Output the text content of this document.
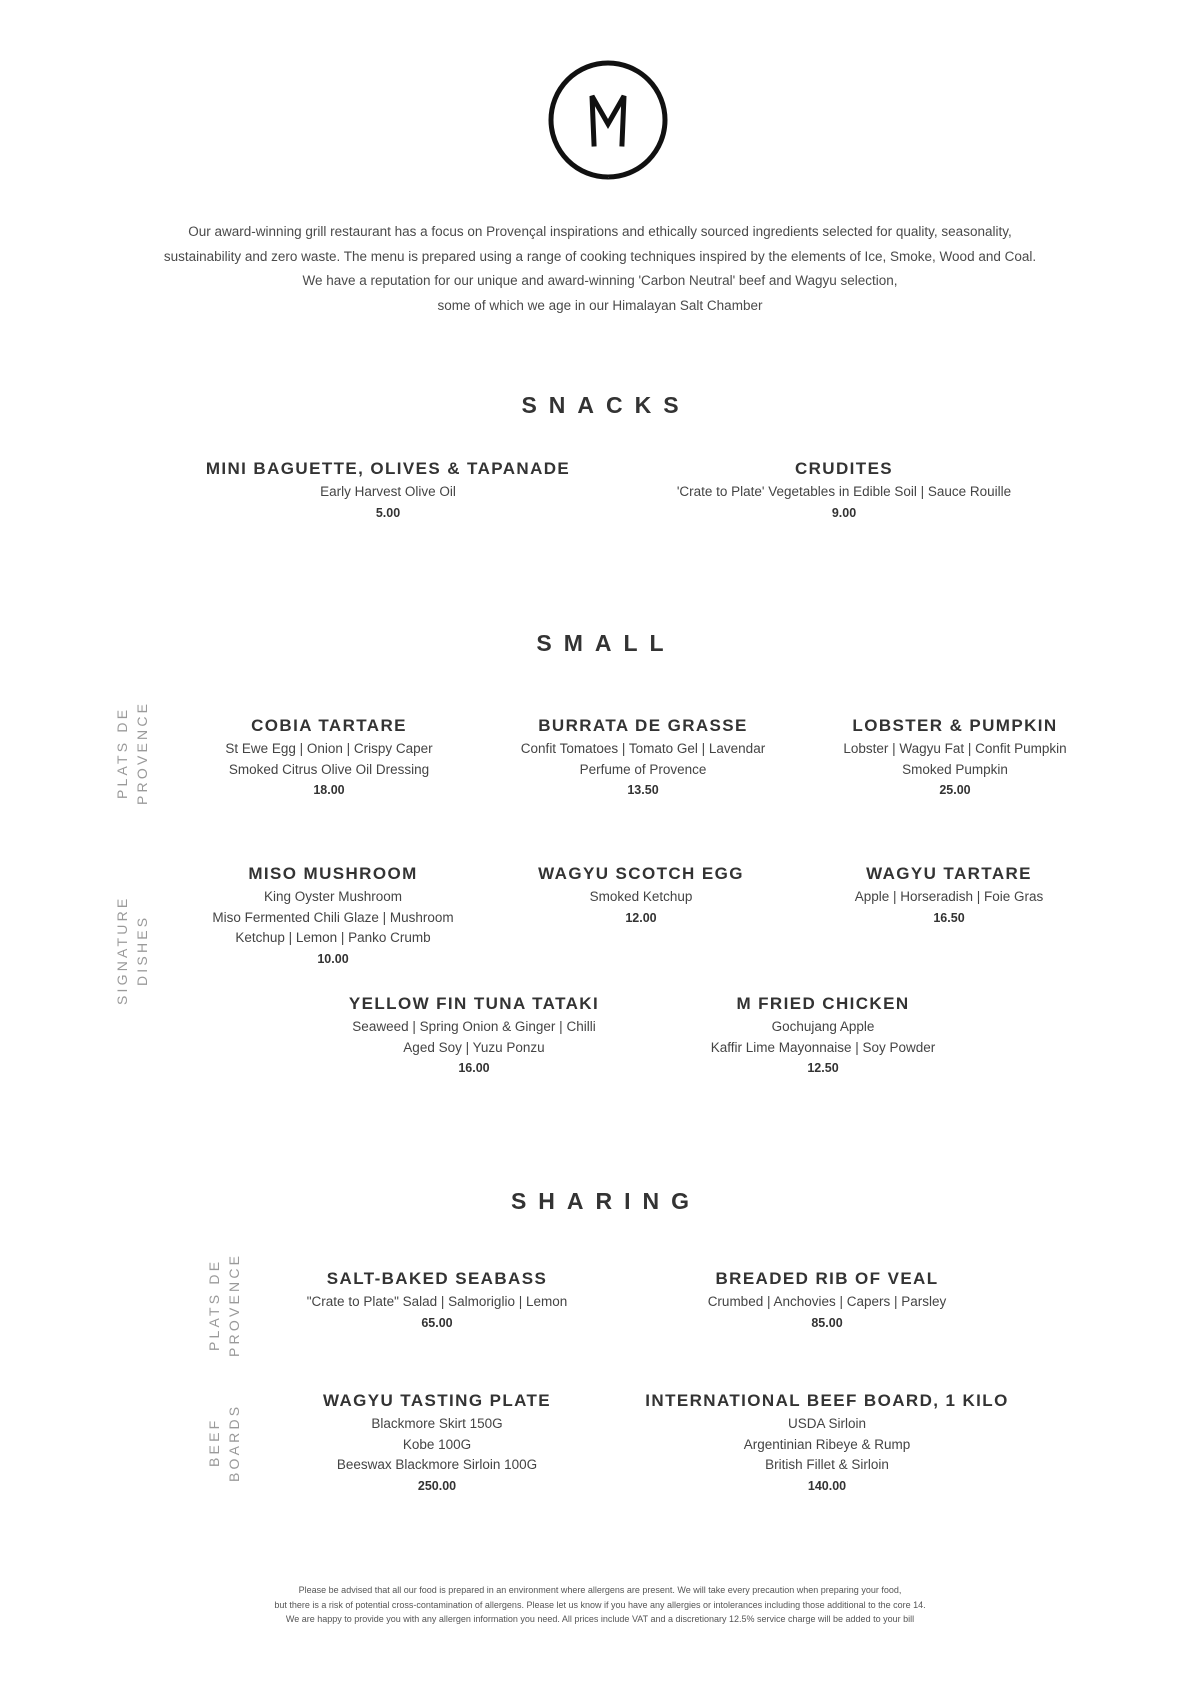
M

Our award-winning grill restaurant has a focus on Provençal inspirations and ethically sourced ingredients selected for quality, seasonality,

sustainability and zero waste. The menu is prepared using a range of cooking techniques inspired by the elements of Ice, Smoke, Wood and Coal.

We have a reputation for our unique and award-winning 'Carbon Neutral' beef and Wagyu selection,

some of which we age in our Himalayan Salt Chamber

SNACKS
MINI BAGUETTE, OLIVES & TAPANADE
Early Harvest Olive Oil
5.00
CRUDITES
'Crate to Plate' Vegetables in Edible Soil | Sauce Rouille
9.00
SMALL
PLATS DE PROVENCE
SIGNATURE DISHES
COBIA TARTARE
St Ewe Egg | Onion | Crispy Caper
Smoked Citrus Olive Oil Dressing
18.00
BURRATA DE GRASSE
Confit Tomatoes | Tomato Gel | Lavendar
Perfume of Provence
13.50
LOBSTER & PUMPKIN
Lobster | Wagyu Fat | Confit Pumpkin
Smoked Pumpkin
25.00
MISO MUSHROOM
King Oyster Mushroom
Miso Fermented Chili Glaze | Mushroom
Ketchup | Lemon | Panko Crumb
10.00
WAGYU SCOTCH EGG
Smoked Ketchup
12.00
WAGYU TARTARE
Apple | Horseradish | Foie Gras
16.50
YELLOW FIN TUNA TATAKI
Seaweed | Spring Onion & Ginger | Chilli
Aged Soy | Yuzu Ponzu
16.00
M FRIED CHICKEN
Gochujang Apple
Kaffir Lime Mayonnaise | Soy Powder
12.50
SHARING
PLATS DE PROVENCE
BEEF BOARDS
SALT-BAKED SEABASS
"Crate to Plate" Salad | Salmoriglio | Lemon
65.00
BREADED RIB OF VEAL
Crumbed | Anchovies | Capers | Parsley
85.00
WAGYU TASTING PLATE
Blackmore Skirt 150G
Kobe 100G
Beeswax Blackmore Sirloin 100G
250.00
INTERNATIONAL BEEF BOARD, 1 KILO
USDA Sirloin
Argentinian Ribeye & Rump
British Fillet & Sirloin
140.00

Please be advised that all our food is prepared in an environment where allergens are present. We will take every precaution when preparing your food,

but there is a risk of potential cross-contamination of allergens. Please let us know if you have any allergies or intolerances including those additional to the core 14.

We are happy to provide you with any allergen information you need. All prices include VAT and a discretionary 12.5% service charge will be added to your bill
